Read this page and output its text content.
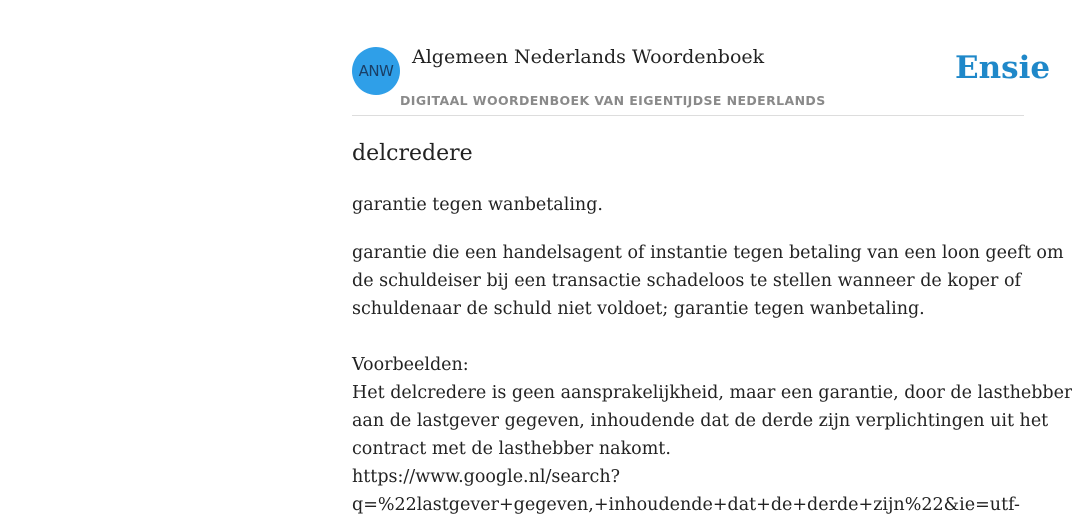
ANW
Algemeen Nederlands Woordenboek
DIGITAAL WOORDENBOEK VAN EIGENTIJDSE NEDERLANDS
Ensie
delcredere
garantie tegen wanbetaling.
garantie die een handelsagent of instantie tegen betaling van een loon geeft om
de schuldeiser bij een transactie schadeloos te stellen wanneer de koper of
schuldenaar de schuld niet voldoet; garantie tegen wanbetaling.
Voorbeelden:
Het delcredere is geen aansprakelijkheid, maar een garantie, door de lasthebber
aan de lastgever gegeven, inhoudende dat de derde zijn verplichtingen uit het
contract met de lasthebber nakomt.
https://www.google.nl/search?
q=%22lastgever+gegeven,+inhoudende+dat+de+derde+zijn%22&ie=utf-
